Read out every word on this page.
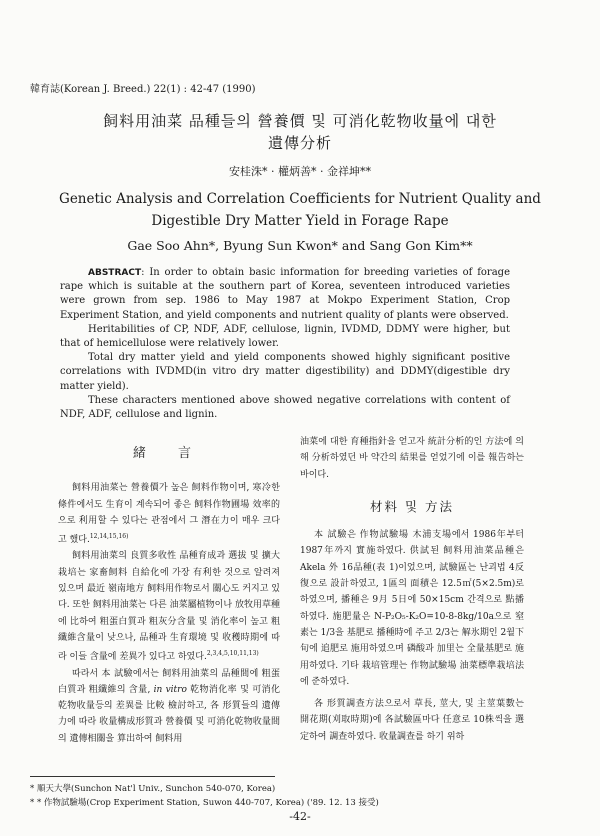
韓育誌(Korean J. Breed.) 22(1) : 42-47 (1990)
飼料用油菜 品種들의 營養價 및 可消化乾物收量에 대한
遺傳分析
安桂洙* · 權炳善* · 金祥坤**
Genetic Analysis and Correlation Coefficients for Nutrient Quality and
Digestible Dry Matter Yield in Forage Rape
Gae Soo Ahn*, Byung Sun Kwon* and Sang Gon Kim**

ABSTRACT: In order to obtain basic information for breeding varieties of forage rape which is suitable at the southern part of Korea, seventeen introduced varieties were grown from sep. 1986 to May 1987 at Mokpo Experiment Station, Crop Experiment Station, and yield components and nutrient quality of plants were observed.

Heritabilities of CP, NDF, ADF, cellulose, lignin, IVDMD, DDMY were higher, but that of hemicellulose were relatively lower.

Total dry matter yield and yield components showed highly significant positive correlations with IVDMD(in vitro dry matter digestibility) and DDMY(digestible dry matter yield).

These characters mentioned above showed negative correlations with content of NDF, ADF, cellulose and lignin.

緒 言

飼料用油菜는 營養價가 높은 飼料作物이며, 寒冷한 條件에서도 生育이 계속되어 좋은 飼料作物圃場 效率的으로 利用할 수 있다는 관점에서 그 潛在力이 매우 크다고 했다.$^{12,14,15,16)}$

飼料用油菜의 良質多收性 品種育成과 選拔 및 擴大栽培는 家畜飼料 自給化에 가장 有利한 것으로 알려져 있으며 最近 嶺南地方 飼料用作物로서 關心도 커지고 있다. 또한 飼料用油菜는 다른 油菜屬植物이나 放牧用草種에 比하여 粗蛋白質과 粗灰分含量 및 消化率이 높고 粗纖維含量이 낮으나, 品種과 生育環境 및 收穫時期에 따라 이들 含量에 差異가 있다고 하였다.$^{2,3,4,5,10,11,13)}$

따라서 本 試驗에서는 飼料用油菜의 品種間에 粗蛋白質과 粗纖維의 含量, in vitro 乾物消化率 및 可消化乾物收量등의 差異를 比較 檢討하고, 各 形質들의 遺傳力에 따라 收量構成形質과 營養價 및 可消化乾物收量間의 遺傳相關을 算出하여 飼料用

油菜에 대한 育種指針을 얻고자 統計分析的인 方法에 의해 分析하였던 바 약간의 結果를 얻었기에 이를 報告하는 바이다.

材料 및 方法

本 試驗은 作物試驗場 木浦支場에서 1986年부터 1987年까지 實施하였다. 供試된 飼料用油菜品種은 Akela 外 16品種(表 1)이었으며, 試驗區는 난괴법 4反復으로 設計하였고, 1區의 面積은 12.5㎡(5×2.5m)로 하였으며, 播種은 9月 5日에 50×15cm 간격으로 點播하였다. 施肥量은 N-P₂O₅-K₂O=10-8-8kg/10a으로 窒素는 1/3을 基肥로 播種時에 주고 2/3는 解氷期인 2월下旬에 追肥로 施用하였으며 磷酸과 加里는 全量基肥로 施用하였다. 기타 栽培管理는 作物試驗場 油菜標準栽培法에 준하였다.

各 形質調查方法으로서 草長, 莖大, 및 主莖葉數는 開花期(刈取時期)에 各試驗區마다 任意로 10株씩을 選定하여 調查하였다. 收量調查를 하기 위하

* 順天大學(Sunchon Nat'l Univ., Sunchon 540-070, Korea)
* * 作物試驗場(Crop Experiment Station, Suwon 440-707, Korea) ('89. 12. 13 接受)
-42-
